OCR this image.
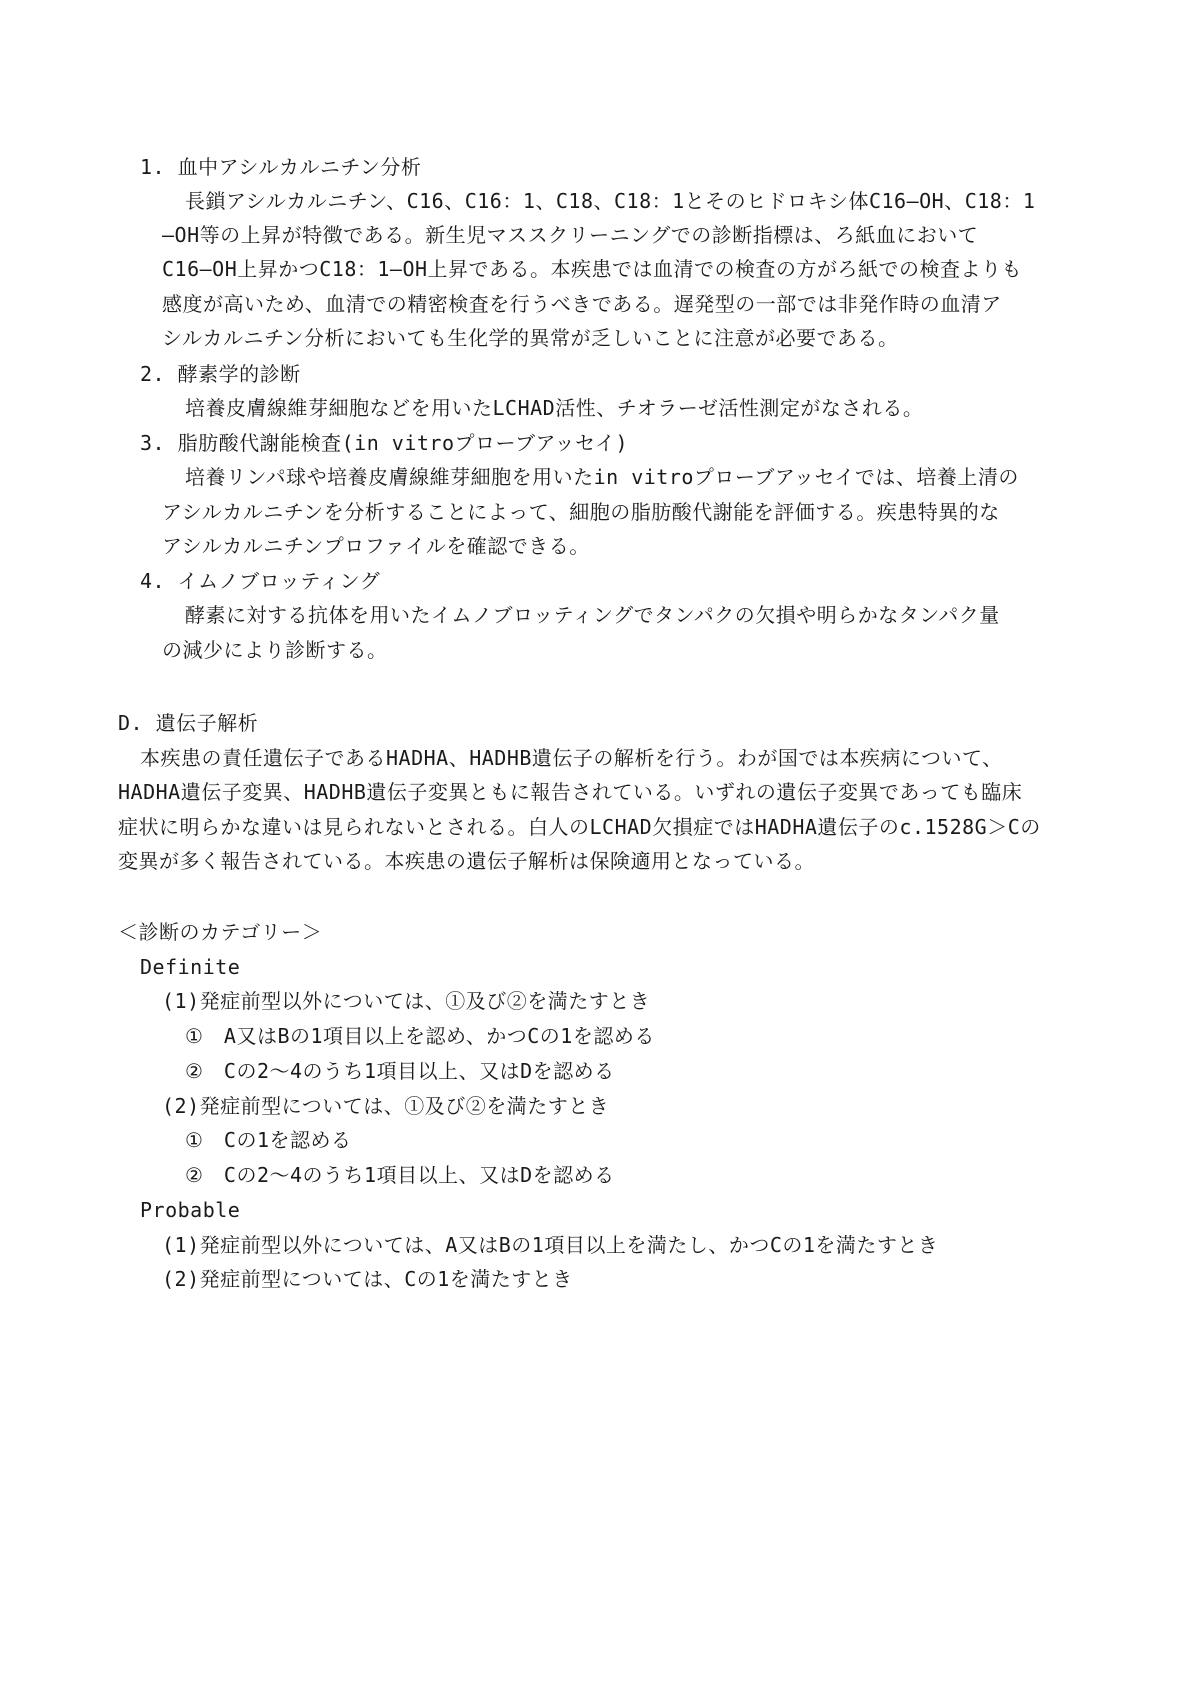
1. 血中アシルカルニチン分析
長鎖アシルカルニチン、C16、C16：1、C18、C18：1とそのヒドロキシ体C16—OH、C18：1
—OH等の上昇が特徴である。新生児マススクリーニングでの診断指標は、ろ紙血において
C16—OH上昇かつC18：1—OH上昇である。本疾患では血清での検査の方がろ紙での検査よりも
感度が高いため、血清での精密検査を行うべきである。遅発型の一部では非発作時の血清ア
シルカルニチン分析においても生化学的異常が乏しいことに注意が必要である。
2. 酵素学的診断
培養皮膚線維芽細胞などを用いたLCHAD活性、チオラーゼ活性測定がなされる。
3. 脂肪酸代謝能検査(in vitroプローブアッセイ)
培養リンパ球や培養皮膚線維芽細胞を用いたin vitroプローブアッセイでは、培養上清の
アシルカルニチンを分析することによって、細胞の脂肪酸代謝能を評価する。疾患特異的な
アシルカルニチンプロファイルを確認できる。
4. イムノブロッティング
酵素に対する抗体を用いたイムノブロッティングでタンパクの欠損や明らかなタンパク量
の減少により診断する。
D. 遺伝子解析
本疾患の責任遺伝子であるHADHA、HADHB遺伝子の解析を行う。わが国では本疾病について、
HADHA遺伝子変異、HADHB遺伝子変異ともに報告されている。いずれの遺伝子変異であっても臨床
症状に明らかな違いは見られないとされる。白人のLCHAD欠損症ではHADHA遺伝子のc.1528G＞Cの
変異が多く報告されている。本疾患の遺伝子解析は保険適用となっている。
＜診断のカテゴリー＞
Definite
(1)発症前型以外については、①及び②を満たすとき
①　A又はBの1項目以上を認め、かつCの1を認める
②　Cの2～4のうち1項目以上、又はDを認める
(2)発症前型については、①及び②を満たすとき
①　Cの1を認める
②　Cの2～4のうち1項目以上、又はDを認める
Probable
(1)発症前型以外については、A又はBの1項目以上を満たし、かつCの1を満たすとき
(2)発症前型については、Cの1を満たすとき
